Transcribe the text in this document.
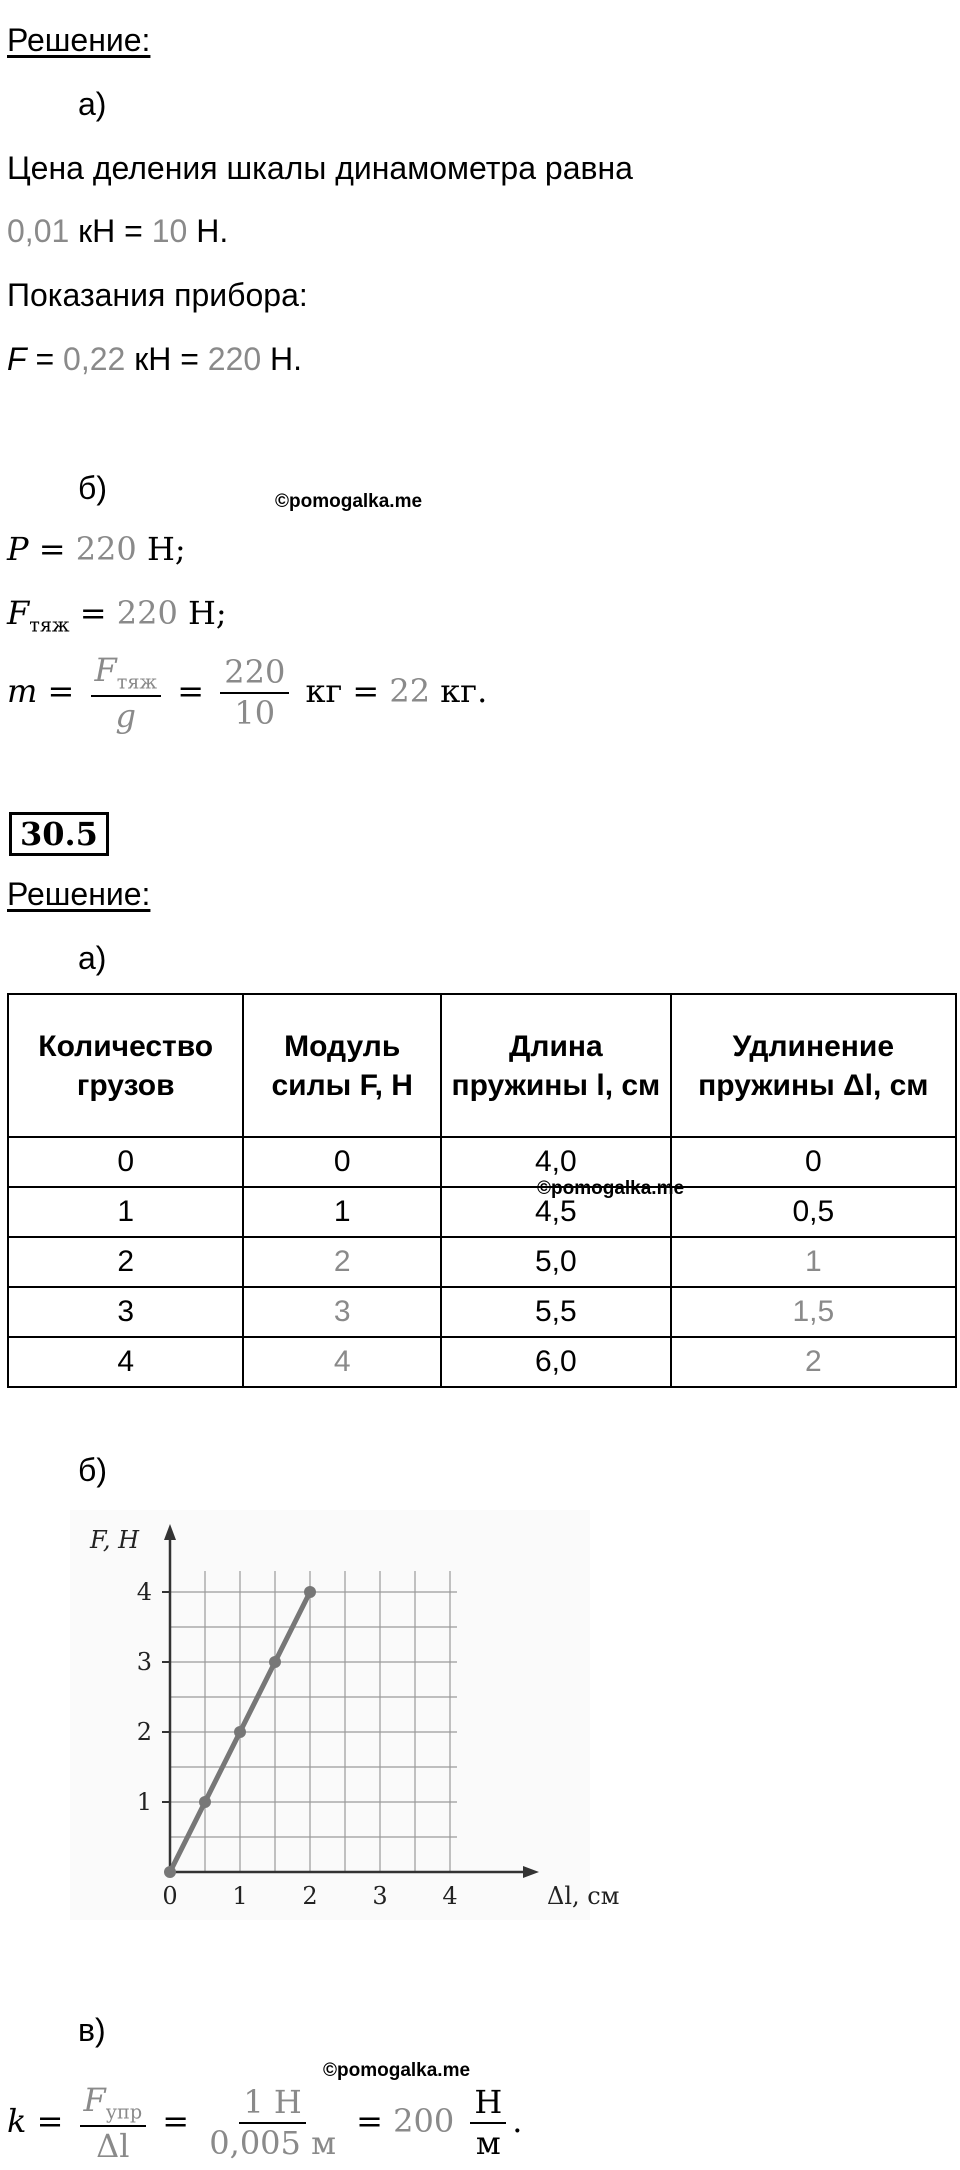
Решение:
а)
Цена деления шкалы динамометра равна
0,01 кН = 10 Н.
Показания прибора:
F = 0,22 кН = 220 Н.
б)	©pomogalka.me
P = 220 Н;
$F_{тяж} = 220$ Н;
$m = \frac{F_{тяж}}{g} = \frac{220}{10}$ кг = 22 кг.
30.5
Решение:
а)
Количество грузов	Модуль силы F, Н	Длина пружины l, см	Удлинение пружины Δl, см
0	0	4,0	0
1	1	4,5	0,5
2	2	5,0	1
3	3	5,5	1,5
4	4	6,0	2
©pomogalka.me
б)
0 1 2 3 4
1
2
3
4
F, Н
Δl, см
в)
©pomogalka.me
$k = \frac{F_{упр}}{\Delta l} = \frac{1 Н}{0,005 м} = 200 \frac{Н}{м}$ .
